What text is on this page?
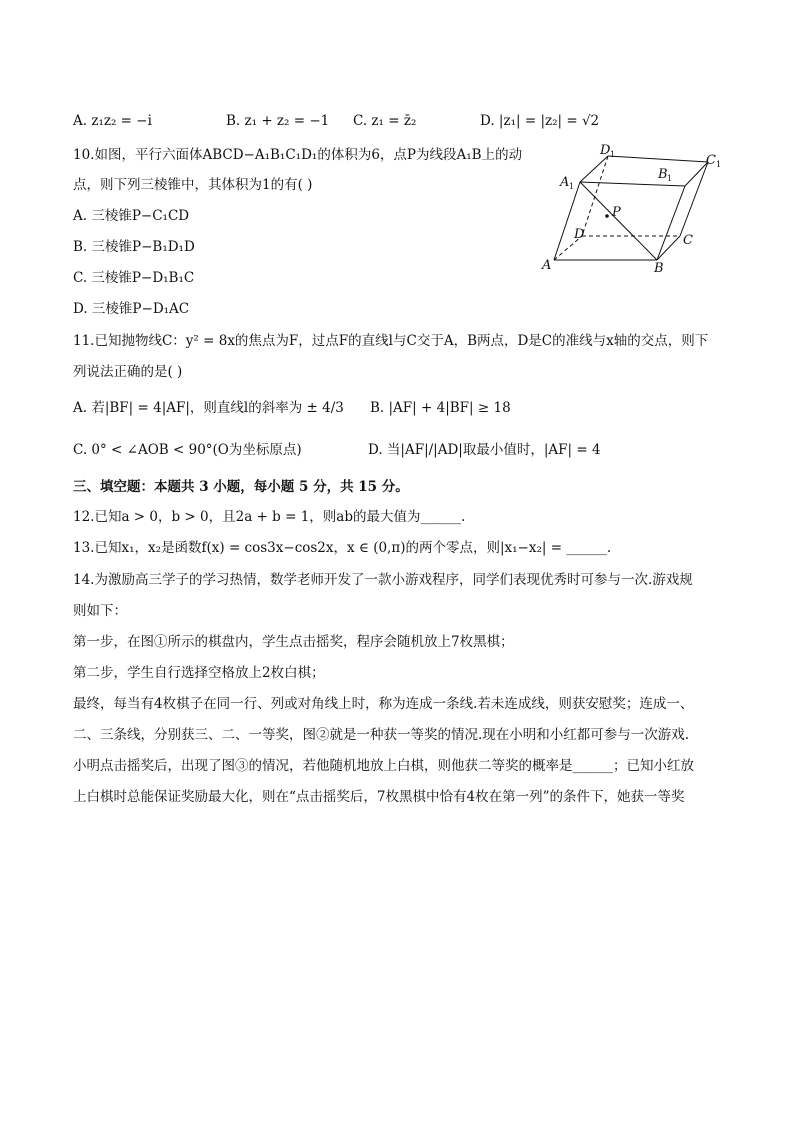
A. z₁z₂ = −i	B. z₁ + z₂ = −1 C. z₁ = z̄₂	D. |z₁| = |z₂| = √2
10.如图，平行六面体ABCD−A₁B₁C₁D₁的体积为6，点P为线段A₁B上的动
点，则下列三棱锥中，其体积为1的有( )
A. 三棱锥P−C₁CD
B. 三棱锥P−B₁D₁D
C. 三棱锥P−D₁B₁C
D. 三棱锥P−D₁AC
D 1	C 1
A 1
B 1
P
D	C
A	B
11.已知抛物线C：y² = 8x的焦点为F，过点F的直线l与C交于A，B两点，D是C的准线与x轴的交点，则下
列说法正确的是( )
A. 若|BF| = 4|AF|，则直线l的斜率为 ± 4/3 B. |AF| + 4|BF| ≥ 18
C. 0° < ∠AOB < 90°(O为坐标原点)	D. 当|AF|/|AD|取最小值时，|AF| = 4
三、填空题：本题共 3 小题，每小题 5 分，共 15 分。
12.已知a > 0，b > 0，且2a + b = 1，则ab的最大值为______.
13.已知x₁，x₂是函数f(x) = cos3x−cos2x，x ∈ (0,π)的两个零点，则|x₁−x₂| = ______.
14.为激励高三学子的学习热情，数学老师开发了一款小游戏程序，同学们表现优秀时可参与一次.游戏规
则如下：
第一步，在图①所示的棋盘内，学生点击摇奖，程序会随机放上7枚黑棋；
第二步，学生自行选择空格放上2枚白棋；
最终，每当有4枚棋子在同一行、列或对角线上时，称为连成一条线.若未连成线，则获安慰奖；连成一、
二、三条线，分别获三、二、一等奖，图②就是一种获一等奖的情况.现在小明和小红都可参与一次游戏.
小明点击摇奖后，出现了图③的情况，若他随机地放上白棋，则他获二等奖的概率是______；已知小红放
上白棋时总能保证奖励最大化，则在“点击摇奖后，7枚黑棋中恰有4枚在第一列”的条件下，她获一等奖
